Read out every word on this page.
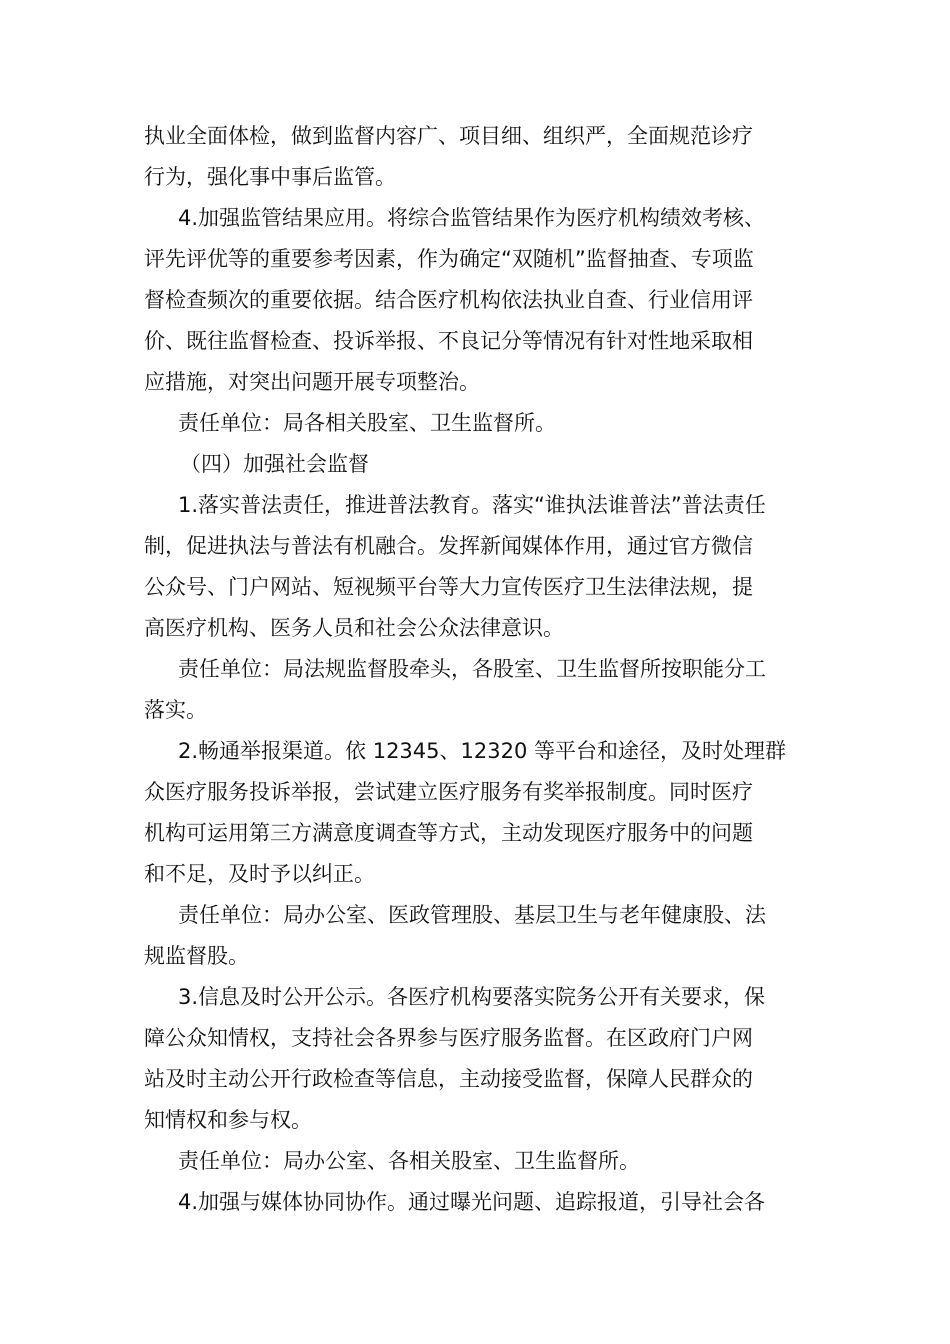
执业全面体检，做到监督内容广、项目细、组织严，全面规范诊疗
行为，强化事中事后监管。
4.加强监管结果应用。将综合监管结果作为医疗机构绩效考核、
评先评优等的重要参考因素，作为确定“双随机”监督抽查、专项监
督检查频次的重要依据。结合医疗机构依法执业自查、行业信用评
价、既往监督检查、投诉举报、不良记分等情况有针对性地采取相
应措施，对突出问题开展专项整治。
责任单位：局各相关股室、卫生监督所。
（四）加强社会监督
1.落实普法责任，推进普法教育。落实“谁执法谁普法”普法责任
制，促进执法与普法有机融合。发挥新闻媒体作用，通过官方微信
公众号、门户网站、短视频平台等大力宣传医疗卫生法律法规，提
高医疗机构、医务人员和社会公众法律意识。
责任单位：局法规监督股牵头，各股室、卫生监督所按职能分工
落实。
2.畅通举报渠道。依 12345、12320 等平台和途径，及时处理群
众医疗服务投诉举报，尝试建立医疗服务有奖举报制度。同时医疗
机构可运用第三方满意度调查等方式，主动发现医疗服务中的问题
和不足，及时予以纠正。
责任单位：局办公室、医政管理股、基层卫生与老年健康股、法
规监督股。
3.信息及时公开公示。各医疗机构要落实院务公开有关要求，保
障公众知情权，支持社会各界参与医疗服务监督。在区政府门户网
站及时主动公开行政检查等信息，主动接受监督，保障人民群众的
知情权和参与权。
责任单位：局办公室、各相关股室、卫生监督所。
4.加强与媒体协同协作。通过曝光问题、追踪报道，引导社会各
